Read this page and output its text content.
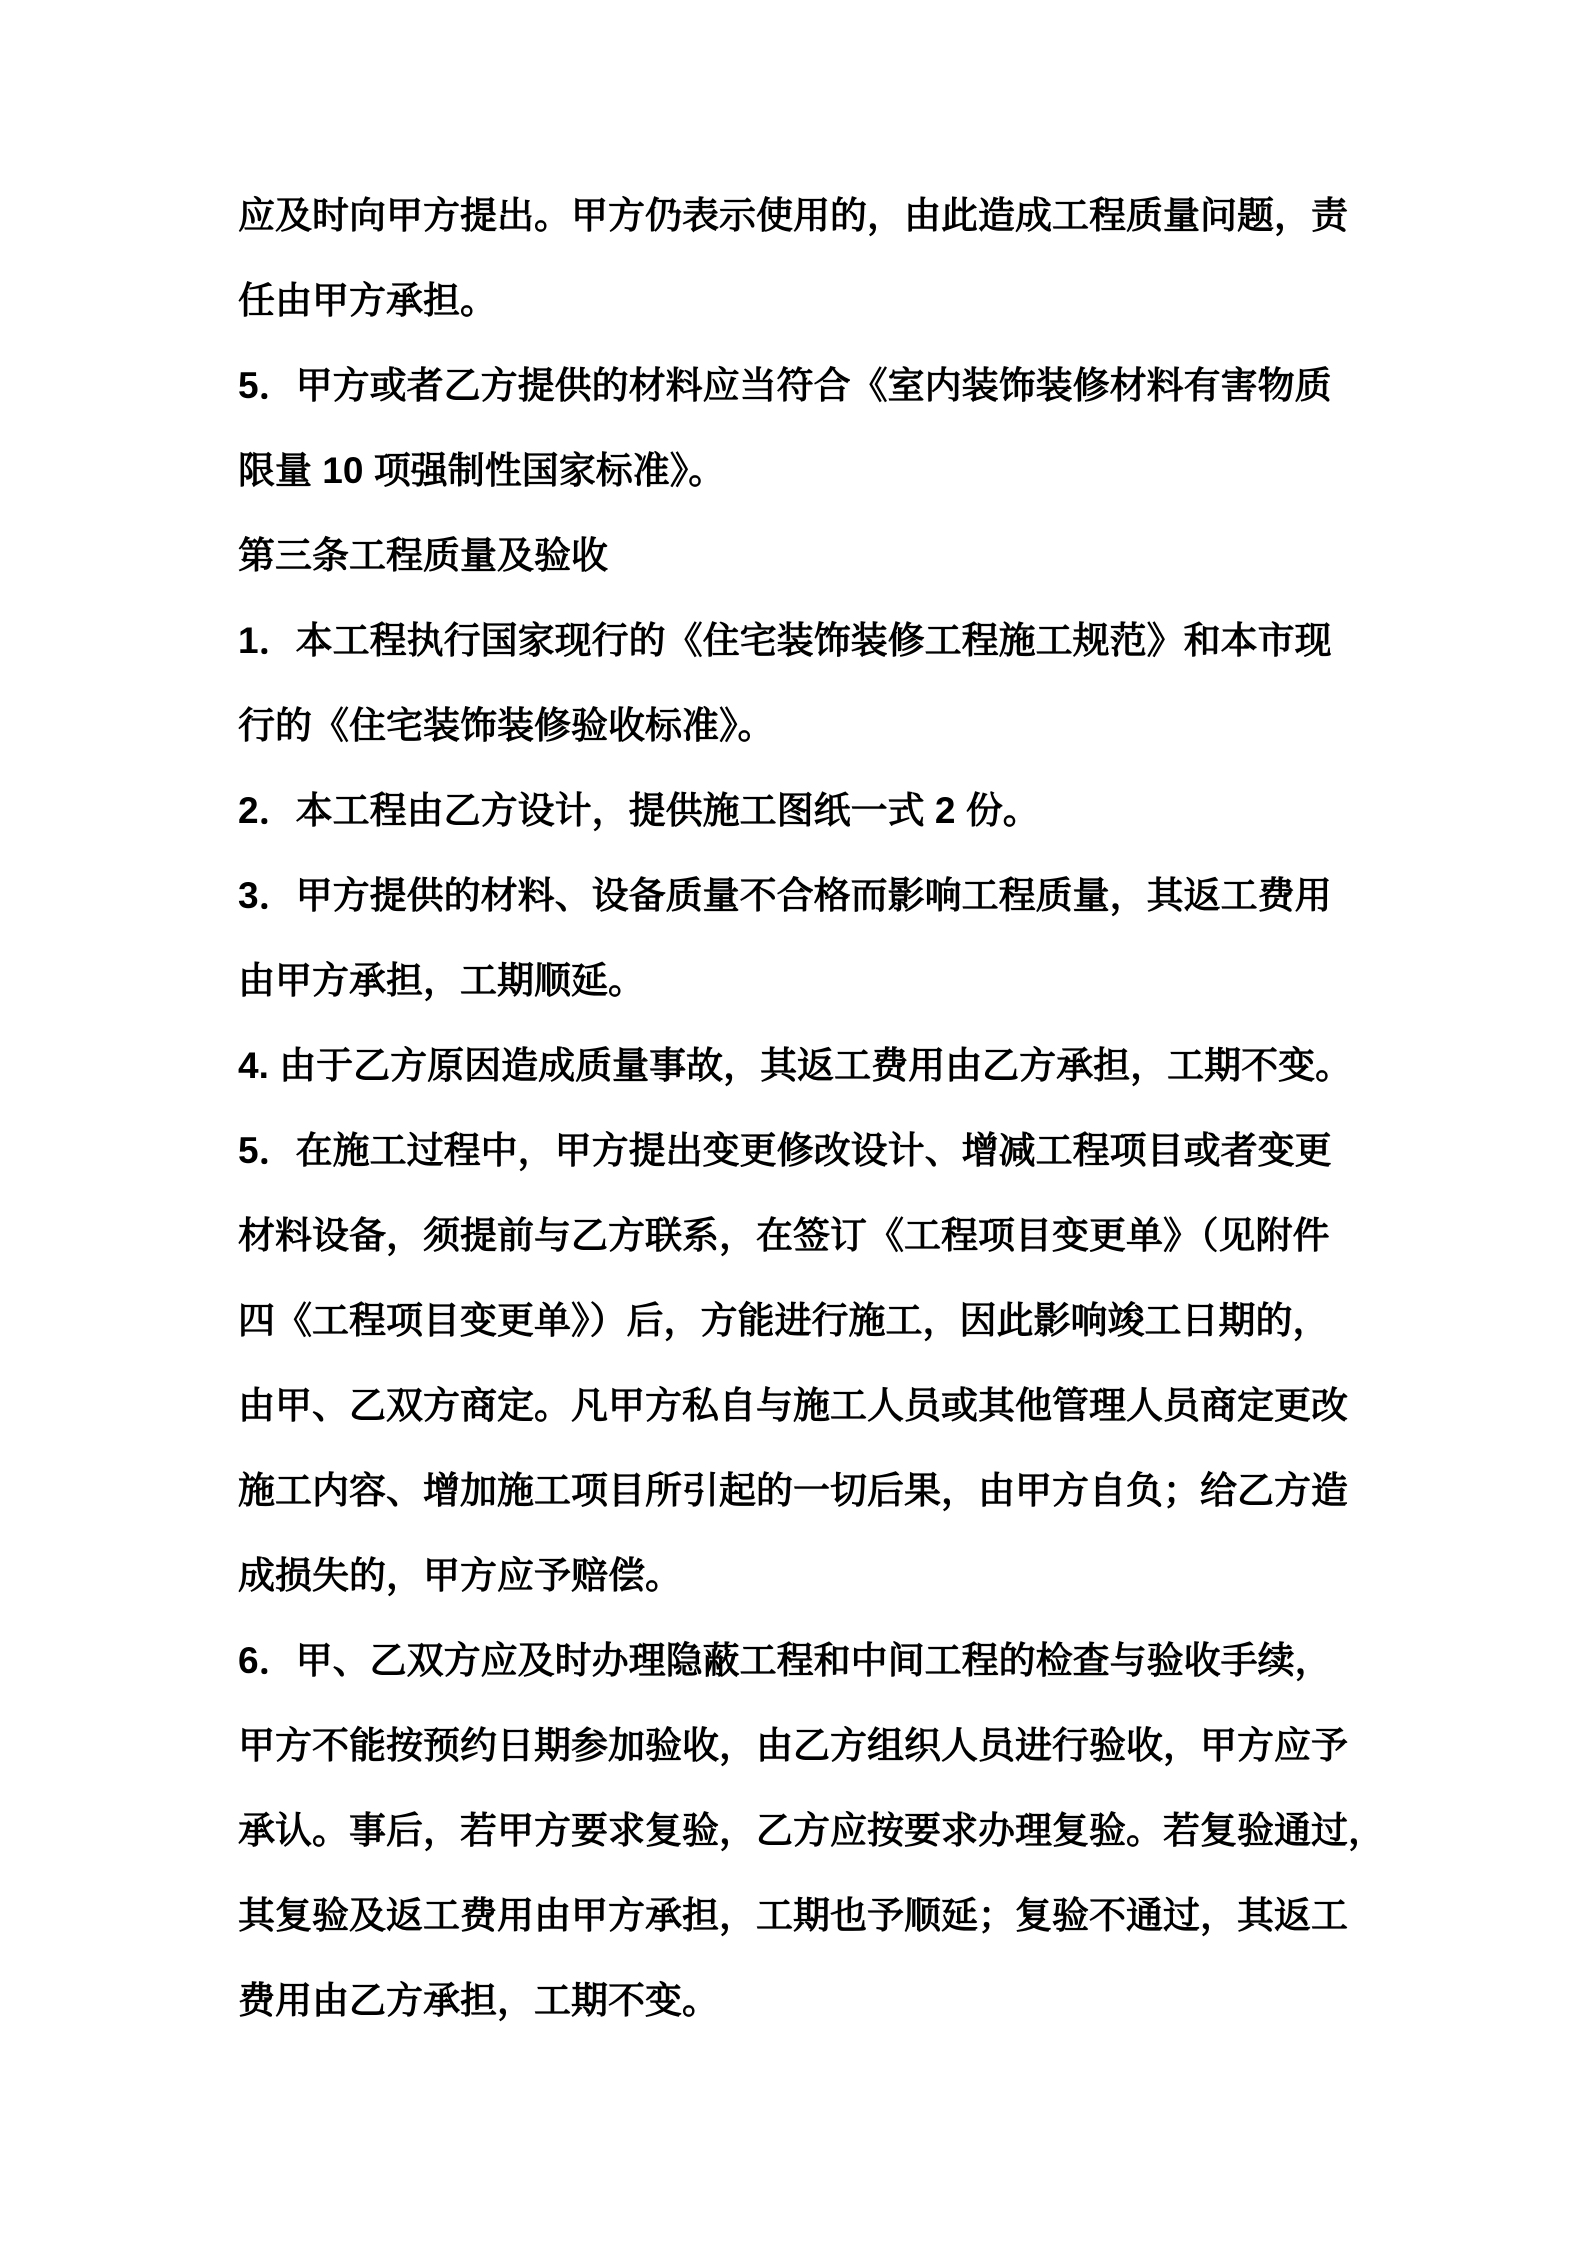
应及时向甲方提出。甲方仍表示使用的，由此造成工程质量问题，责
任由甲方承担。
5．甲方或者乙方提供的材料应当符合《室内装饰装修材料有害物质
限量 10 项强制性国家标准》。
第三条工程质量及验收
1．本工程执行国家现行的《住宅装饰装修工程施工规范》和本市现
行的《住宅装饰装修验收标准》。
2．本工程由乙方设计，提供施工图纸一式 2 份。
3．甲方提供的材料、设备质量不合格而影响工程质量，其返工费用
由甲方承担，工期顺延。
4. 由于乙方原因造成质量事故，其返工费用由乙方承担，工期不变。
5．在施工过程中，甲方提出变更修改设计、增减工程项目或者变更
材料设备，须提前与乙方联系，在签订《工程项目变更单》（见附件
四《工程项目变更单》）后，方能进行施工，因此影响竣工日期的，
由甲、乙双方商定。凡甲方私自与施工人员或其他管理人员商定更改
施工内容、增加施工项目所引起的一切后果，由甲方自负；给乙方造
成损失的，甲方应予赔偿。
6．甲、乙双方应及时办理隐蔽工程和中间工程的检查与验收手续，
甲方不能按预约日期参加验收，由乙方组织人员进行验收，甲方应予
承认。事后，若甲方要求复验，乙方应按要求办理复验。若复验通过，
其复验及返工费用由甲方承担，工期也予顺延；复验不通过，其返工
费用由乙方承担，工期不变。
